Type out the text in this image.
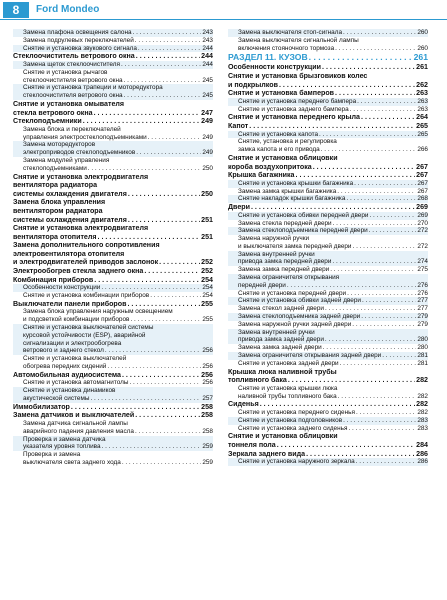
8	Ford Mondeo
Замена плафона освещения салона . . .	243
Замена подрулевых переключателей . . .	243
Снятие и установка звукового сигнала . . .	244
Стеклоочиститель ветрового окна . . .	244
Замена щеток стеклоочистителя . . .	244
Снятие и установка рычагов
стеклоочистителя ветрового окна . . .	245
Снятие и установка трапеции и моторедуктора
стеклоочистителя ветрового окна . . .	245
Снятие и установка омывателя
стекла ветрового окна . . .	247
Стеклоподъемники . . .	249
Замена блока и переключателей
управления электростеклоподъемниками . . .	249
Замена моторедукторов
электроприводов стеклоподъемников . . .	249
Замена модулей управления
стеклоподъемниками . . .	250
Снятие и установка электродвигателя
вентилятора радиатора
системы охлаждения двигателя . . .	250
Замена блока управления
вентилятором радиатора
системы охлаждения двигателя . . .	251
Снятие и установка электродвигателя
вентилятора отопителя . . .	251
Замена дополнительного сопротивления
электровентилятора отопителя
и электродвигателей приводов заслонок . . .	252
Электрообогрев стекла заднего окна . . .	252
Комбинация приборов . . .	254
Особенности конструкции . . .	254
Снятие и установка комбинации приборов . . .	254
Выключатели панели приборов . . .	255
Замена блока управления наружным освещением
и подсветкой комбинации приборов . . .	255
Снятие и установка выключателей системы
курсовой устойчивости (ESP), аварийной
сигнализации и электрообогрева
ветрового и заднего стекол . . .	256
Снятие и установка выключателей
обогрева передних сидений . . .	256
Автомобильная аудиосистема . . .	256
Снятие и установка автомагнитолы . . .	256
Снятие и установка динамиков
акустической системы . . .	257
Иммобилизатор . . .	258
Замена датчиков и выключателей . . .	258
Замена датчика сигнальной лампы
аварийного падения давления масла . . .	258
Проверка и замена датчика
указателя уровня топлива . . .	259
Проверка и замена
выключателя света заднего хода . . .	259
Замена выключателя стоп-сигнала . . .	260
Замена выключателя сигнальной лампы
включения стояночного тормоза . . .	260
РАЗДЕЛ 11. КУЗОВ . . .	261
Особенности конструкции . . .	261
Снятие и установка брызговиков колес
и подкрылков . . .	262
Снятие и установка бамперов . . .	263
Снятие и установка переднего бампера . . .	263
Снятие и установка заднего бампера . . .	263
Снятие и установка переднего крыла . . .	264
Капот . . .	265
Снятие и установка капота . . .	265
Снятие, установка и регулировка
замка капота и его привода . . .	266
Снятие и установка облицовки
короба воздухопритока . . .	267
Крышка багажника . . .	267
Снятие и установка крышки багажника . . .	267
Замена замка крышки багажника . . .	267
Снятие накладок крышки багажника . . .	268
Двери . . .	269
Снятие и установка обивки передней двери . . .	269
Замена стекла передней двери . . .	270
Замена стеклоподъемника передней двери . . .	272
Замена наружной ручки
и выключателя замка передней двери . . .	272
Замена внутренней ручки
привода замка передней двери . . .	274
Замена замка передней двери . . .	275
Замена ограничителя открывания
передней двери . . .	276
Снятие и установка передней двери . . .	276
Снятие и установка обивки задней двери . . .	277
Замена стекол задней двери . . .	277
Замена стеклоподъемника задней двери . . .	279
Замена наружной ручки задней двери . . .	279
Замена внутренней ручки
привода замка задней двери . . .	280
Замена замка задней двери . . .	280
Замена ограничителя открывания задней двери . . .	281
Снятие и установка задней двери . . .	281
Крышка люка наливной трубы
топливного бака . . .	282
Снятие и установка крышки люка
наливной трубы топливного бака . . .	282
Сиденья . . .	282
Снятие и установка переднего сиденья . . .	282
Снятие и установка подголовников . . .	283
Снятие и установка заднего сиденья . . .	283
Снятие и установка облицовки
тоннеля пола . . .	284
Зеркала заднего вида . . .	286
Снятие и установка наружного зеркала . . .	286
